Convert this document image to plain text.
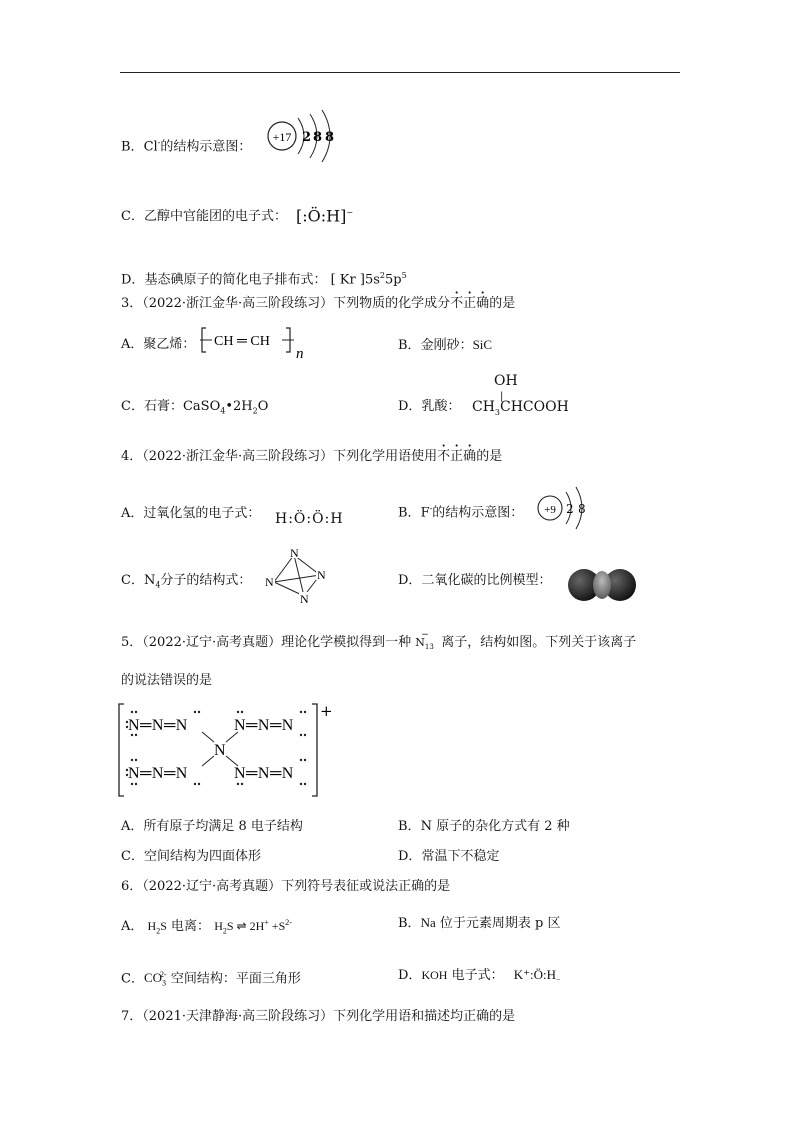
B．Cl-的结构示意图：
+17 2 8 8
C．乙醇中官能团的电子式： [:Ö:H]−
D．基态碘原子的简化电子排布式： [ Kr ]$5s^25p^5$
3．（2022·浙江金华·高三阶段练习）下列物质的化学成分不正确的是
A．聚乙烯： CH ═ CH
n
B．金刚砂：SiC
C．石膏：$CaSO_4•2H_2O$	D．乳酸：
OH
|
$CH_3CHCOOH$
4．（2022·浙江金华·高三阶段练习）下列化学用语使用不正确的是
A．过氧化氢的电子式： H:Ö:Ö:H	B．F-的结构示意图： +9 2 8
C．$N_4$分子的结构式：
N
N	N
N
D．二氧化碳的比例模型：
5．（2022·辽宁·高考真题）理论化学模拟得到一种 $N_{13}$
− 离子，结构如图。下列关于该离子
的说法错误的是
+
N═N═N
N═N═N
N═N═N
N═N═N
N
A．所有原子均满足 8 电子结构	B．N 原子的杂化方式有 2 种
C．空间结构为四面体形	D．常温下不稳定
6．（2022·辽宁·高考真题）下列符号表征或说法正确的是
A． $H_2S$ 电离： $H_2S$ ⇌ $2H^+ +S^{2-}$	B．Na 位于元素周期表 p 区
C．$CO_3^{2-}$ 空间结构：平面三角形	D．KOH 电子式： $K^+:Ö:H_-$
7．（2021·天津静海·高三阶段练习）下列化学用语和描述均正确的是
